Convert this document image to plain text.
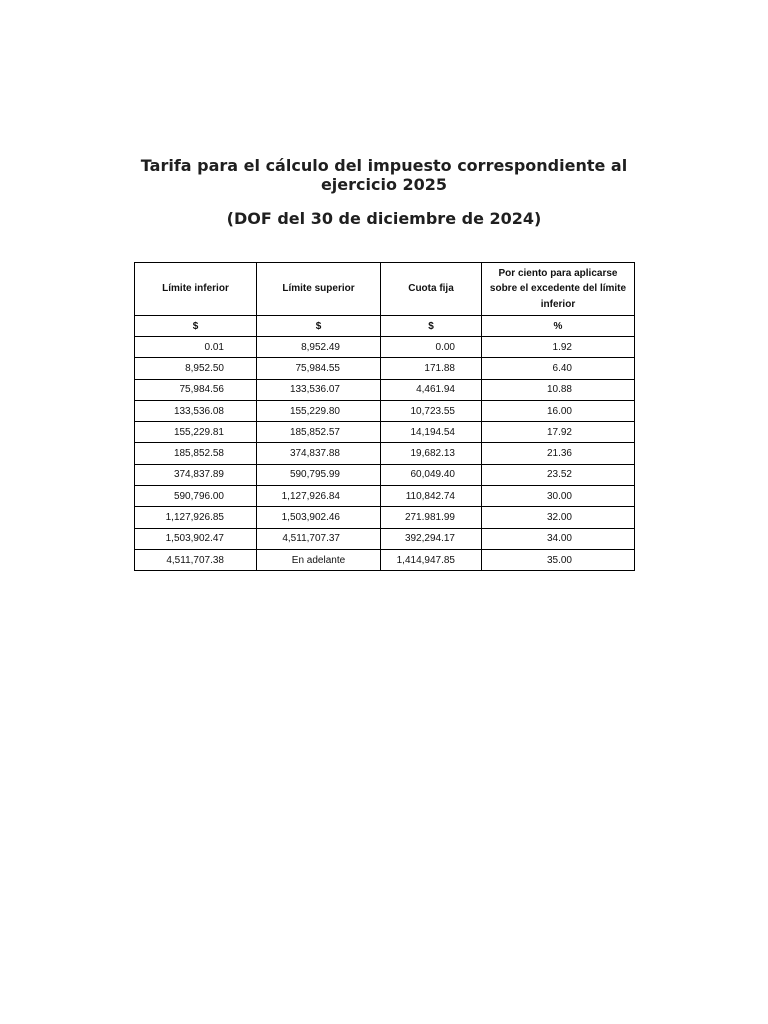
Tarifa para el cálculo del impuesto correspondiente al ejercicio 2025
(DOF del 30 de diciembre de 2024)
Límite inferior	Límite superior	Cuota fija	Por ciento para aplicarse sobre el excedente del límite inferior
$	$	$	%
0.01	8,952.49	0.00	1.92
8,952.50	75,984.55	171.88	6.40
75,984.56	133,536.07	4,461.94	10.88
133,536.08	155,229.80	10,723.55	16.00
155,229.81	185,852.57	14,194.54	17.92
185,852.58	374,837.88	19,682.13	21.36
374,837.89	590,795.99	60,049.40	23.52
590,796.00	1,127,926.84	110,842.74	30.00
1,127,926.85	1,503,902.46	271.981.99	32.00
1,503,902.47	4,511,707.37	392,294.17	34.00
4,511,707.38	En adelante	1,414,947.85	35.00
